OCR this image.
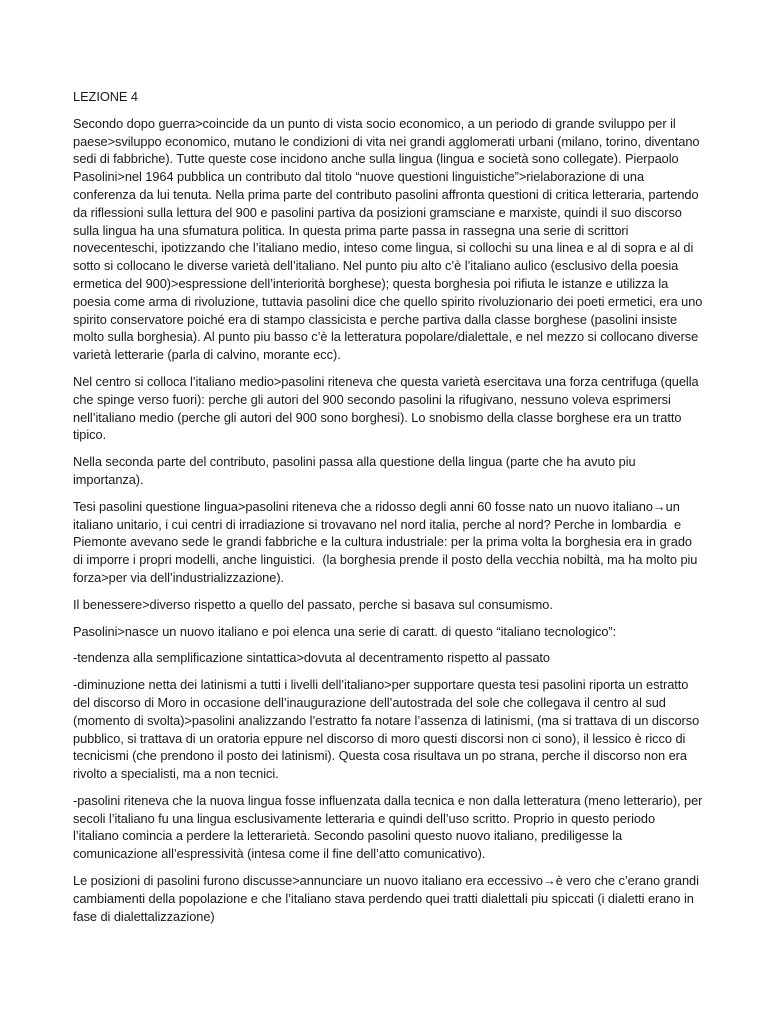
LEZIONE 4

Secondo dopo guerra>coincide da un punto di vista socio economico, a un periodo di grande sviluppo per il paese>sviluppo economico, mutano le condizioni di vita nei grandi agglomerati urbani (milano, torino, diventano sedi di fabbriche). Tutte queste cose incidono anche sulla lingua (lingua e società sono collegate). Pierpaolo Pasolini>nel 1964 pubblica un contributo dal titolo “nuove questioni linguistiche”>rielaborazione di una conferenza da lui tenuta. Nella prima parte del contributo pasolini affronta questioni di critica letteraria, partendo da riflessioni sulla lettura del 900 e pasolini partiva da posizioni gramsciane e marxiste, quindi il suo discorso sulla lingua ha una sfumatura politica. In questa prima parte passa in rassegna una serie di scrittori novecenteschi, ipotizzando che l’italiano medio, inteso come lingua, si collochi su una linea e al di sopra e al di sotto si collocano le diverse varietà dell’italiano. Nel punto piu alto c’è l’italiano aulico (esclusivo della poesia ermetica del 900)>espressione dell’interiorità borghese); questa borghesia poi rifiuta le istanze e utilizza la poesia come arma di rivoluzione, tuttavia pasolini dice che quello spirito rivoluzionario dei poeti ermetici, era uno spirito conservatore poiché era di stampo classicista e perche partiva dalla classe borghese (pasolini insiste molto sulla borghesia). Al punto piu basso c’è la letteratura popolare/dialettale, e nel mezzo si collocano diverse varietà letterarie (parla di calvino, morante ecc).

Nel centro si colloca l’italiano medio>pasolini riteneva che questa varietà esercitava una forza centrifuga (quella che spinge verso fuori): perche gli autori del 900 secondo pasolini la rifugivano, nessuno voleva esprimersi nell’italiano medio (perche gli autori del 900 sono borghesi). Lo snobismo della classe borghese era un tratto tipico.

Nella seconda parte del contributo, pasolini passa alla questione della lingua (parte che ha avuto piu importanza).

Tesi pasolini questione lingua>pasolini riteneva che a ridosso degli anni 60 fosse nato un nuovo italiano→un italiano unitario, i cui centri di irradiazione si trovavano nel nord italia, perche al nord? Perche in lombardia  e Piemonte avevano sede le grandi fabbriche e la cultura industriale: per la prima volta la borghesia era in grado di imporre i propri modelli, anche linguistici.  (la borghesia prende il posto della vecchia nobiltà, ma ha molto piu forza>per via dell’industrializzazione).

Il benessere>diverso rispetto a quello del passato, perche si basava sul consumismo.

Pasolini>nasce un nuovo italiano e poi elenca una serie di caratt. di questo “italiano tecnologico”:

-tendenza alla semplificazione sintattica>dovuta al decentramento rispetto al passato

-diminuzione netta dei latinismi a tutti i livelli dell’italiano>per supportare questa tesi pasolini riporta un estratto del discorso di Moro in occasione dell’inaugurazione dell’autostrada del sole che collegava il centro al sud (momento di svolta)>pasolini analizzando l’estratto fa notare l’assenza di latinismi, (ma si trattava di un discorso pubblico, si trattava di un oratoria eppure nel discorso di moro questi discorsi non ci sono), il lessico è ricco di tecnicismi (che prendono il posto dei latinismi). Questa cosa risultava un po strana, perche il discorso non era rivolto a specialisti, ma a non tecnici.

-pasolini riteneva che la nuova lingua fosse influenzata dalla tecnica e non dalla letteratura (meno letterario), per secoli l’italiano fu una lingua esclusivamente letteraria e quindi dell’uso scritto. Proprio in questo periodo l’italiano comincia a perdere la letterarietà. Secondo pasolini questo nuovo italiano, prediligesse la comunicazione all’espressività (intesa come il fine dell’atto comunicativo).

Le posizioni di pasolini furono discusse>annunciare un nuovo italiano era eccessivo→è vero che c’erano grandi cambiamenti della popolazione e che l’italiano stava perdendo quei tratti dialettali piu spiccati (i dialetti erano in fase di dialettalizzazione)
